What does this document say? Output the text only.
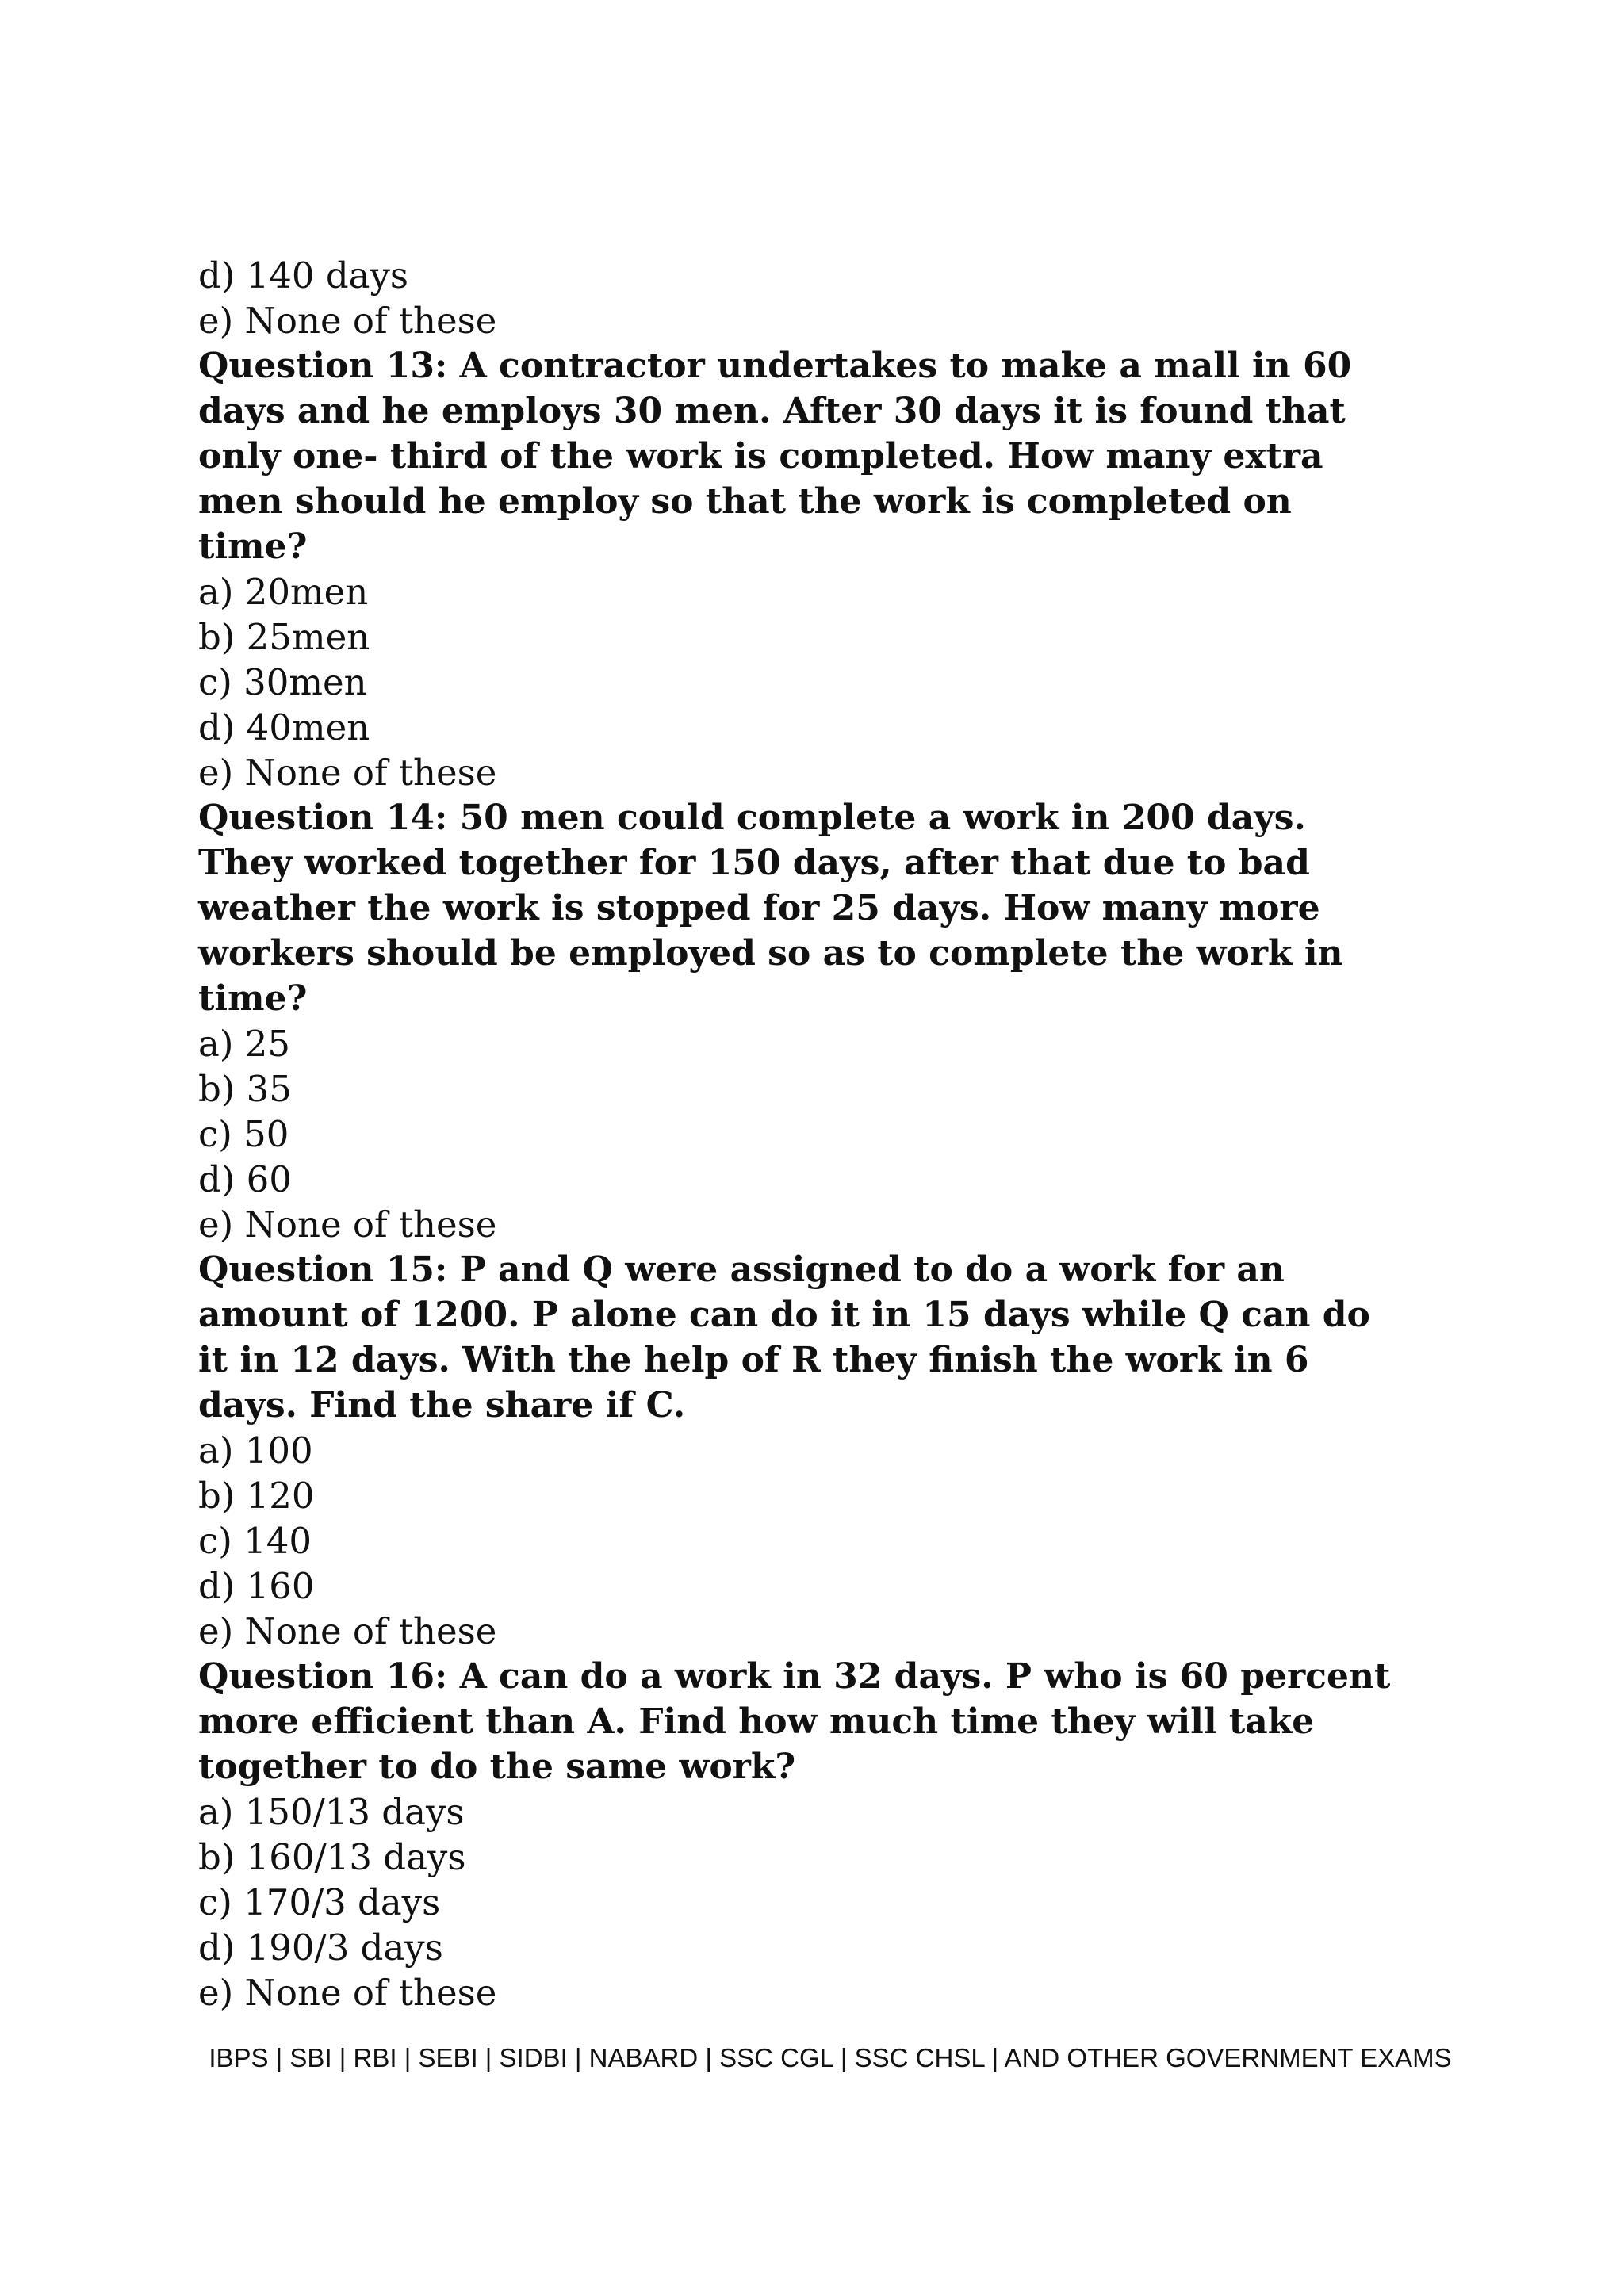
d) 140 days
e) None of these
Question 13: A contractor undertakes to make a mall in 60
days and he employs 30 men. After 30 days it is found that
only one- third of the work is completed. How many extra
men should he employ so that the work is completed on
time?
a) 20men
b) 25men
c) 30men
d) 40men
e) None of these
Question 14: 50 men could complete a work in 200 days.
They worked together for 150 days, after that due to bad
weather the work is stopped for 25 days. How many more
workers should be employed so as to complete the work in
time?
a) 25
b) 35
c) 50
d) 60
e) None of these
Question 15: P and Q were assigned to do a work for an
amount of 1200. P alone can do it in 15 days while Q can do
it in 12 days. With the help of R they finish the work in 6
days. Find the share if C.
a) 100
b) 120
c) 140
d) 160
e) None of these
Question 16: A can do a work in 32 days. P who is 60 percent
more efficient than A. Find how much time they will take
together to do the same work?
a) 150/13 days
b) 160/13 days
c) 170/3 days
d) 190/3 days
e) None of these
IBPS | SBI | RBI | SEBI | SIDBI | NABARD | SSC CGL | SSC CHSL | AND OTHER GOVERNMENT EXAMS
